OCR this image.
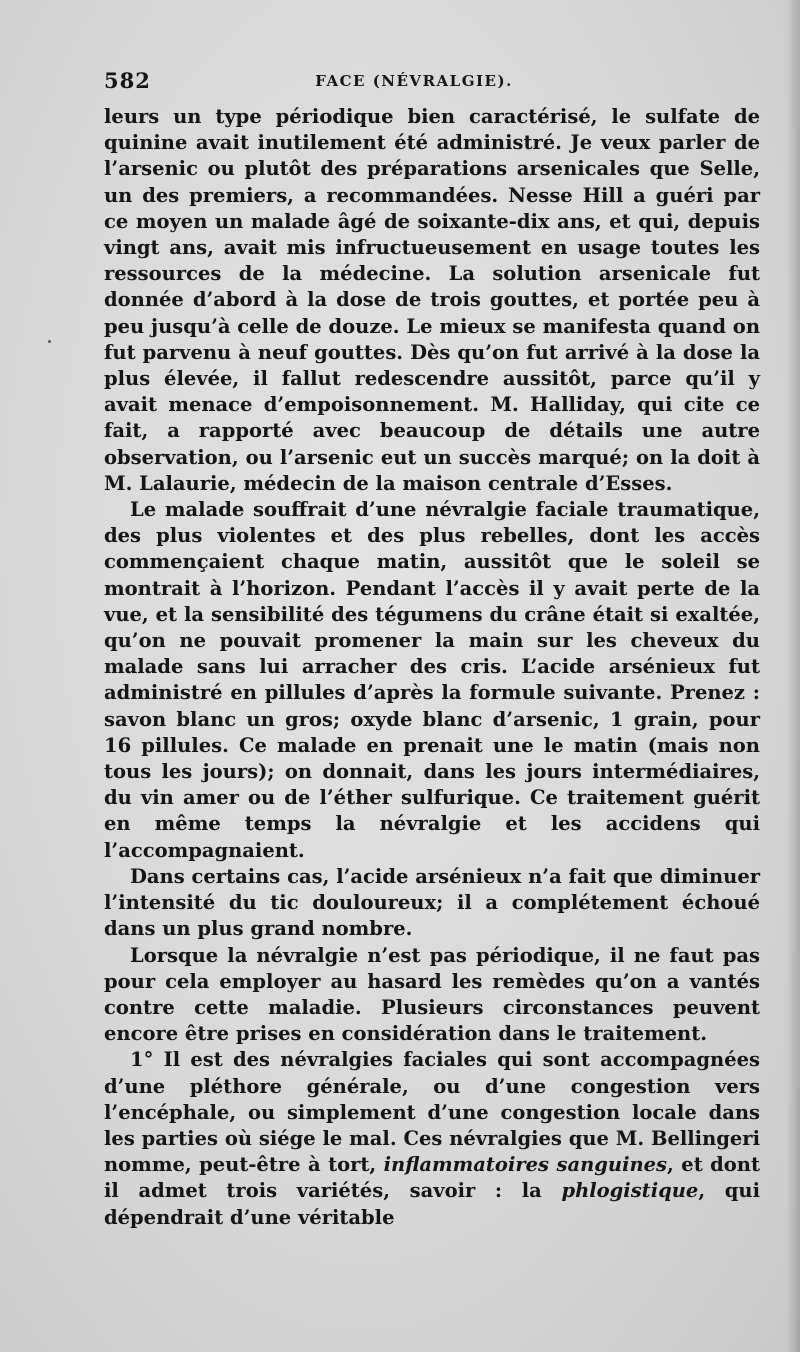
582	FACE (NÉVRALGIE).

leurs un type périodique bien caractérisé, le sulfate de quinine avait inutilement été administré. Je veux parler de l’arsenic ou plutôt des préparations arsenicales que Selle, un des premiers, a recommandées. Nesse Hill a guéri par ce moyen un malade âgé de soixante-dix ans, et qui, depuis vingt ans, avait mis infructueusement en usage toutes les ressources de la médecine. La solution arsenicale fut donnée d’abord à la dose de trois gouttes, et portée peu à peu jusqu’à celle de douze. Le mieux se manifesta quand on fut parvenu à neuf gouttes. Dès qu’on fut arrivé à la dose la plus élevée, il fallut redescendre aussitôt, parce qu’il y avait menace d’empoisonnement. M. Halliday, qui cite ce fait, a rapporté avec beaucoup de détails une autre observation, ou l’arsenic eut un succès marqué; on la doit à M. Lalaurie, médecin de la maison centrale d’Esses.

Le malade souffrait d’une névralgie faciale traumatique, des plus violentes et des plus rebelles, dont les accès commençaient chaque matin, aussitôt que le soleil se montrait à l’horizon. Pendant l’accès il y avait perte de la vue, et la sensibilité des tégumens du crâne était si exaltée, qu’on ne pouvait promener la main sur les cheveux du malade sans lui arracher des cris. L’acide arsénieux fut administré en pillules d’après la formule suivante. Prenez : savon blanc un gros; oxyde blanc d’arsenic, 1 grain, pour 16 pillules. Ce malade en prenait une le matin (mais non tous les jours); on donnait, dans les jours intermédiaires, du vin amer ou de l’éther sulfurique. Ce traitement guérit en même temps la névralgie et les accidens qui l’accompagnaient.

Dans certains cas, l’acide arsénieux n’a fait que diminuer l’intensité du tic douloureux; il a complétement échoué dans un plus grand nombre.

Lorsque la névralgie n’est pas périodique, il ne faut pas pour cela employer au hasard les remèdes qu’on a vantés contre cette maladie. Plusieurs circonstances peuvent encore être prises en considération dans le traitement.

1° Il est des névralgies faciales qui sont accompagnées d’une pléthore générale, ou d’une congestion vers l’encéphale, ou simplement d’une congestion locale dans les parties où siége le mal. Ces névralgies que M. Bellingeri nomme, peut-être à tort, inflammatoires sanguines, et dont il admet trois variétés, savoir : la phlogistique, qui dépendrait d’une véritable
